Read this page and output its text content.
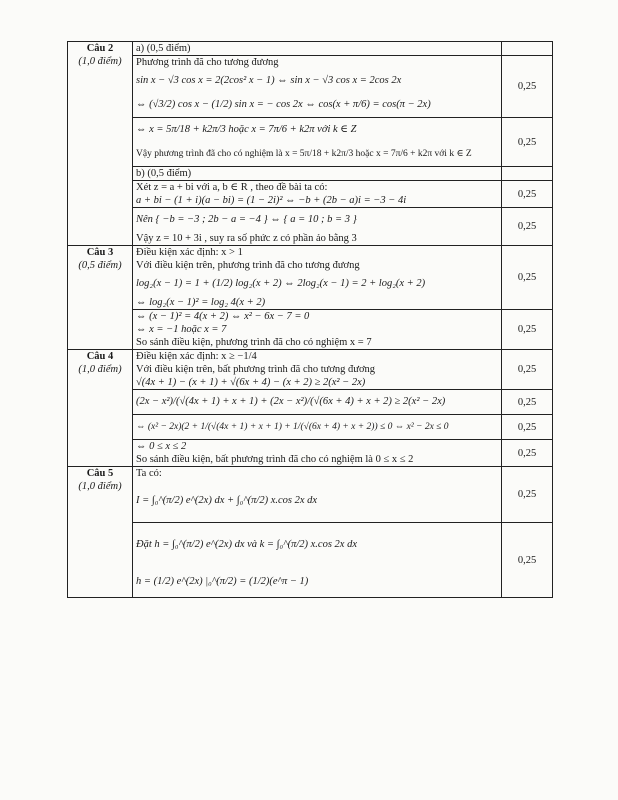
Câu 2
(1,0 điểm)	a) (0,5 điểm)	

	Phương trình đã cho tương đương
sin x − √3 cos x = 2(2cos² x − 1) ⇔ sin x − √3 cos x = 2cos 2x
⇔ (√3/2) cos x − (1/2) sin x = − cos 2x ⇔ cos(x + π/6) = cos(π − 2x)	0,25

	⇔ x = 5π/18 + k2π/3 hoặc x = 7π/6 + k2π với k ∈ Z
Vậy phương trình đã cho có nghiệm là x = 5π/18 + k2π/3 hoặc x = 7π/6 + k2π với k ∈ Z	0,25

	b) (0,5 điểm)	

	Xét z = a + bi với a, b ∈ R , theo đề bài ta có:
a + bi − (1 + i)(a − bi) = (1 − 2i)² ⇔ −b + (2b − a)i = −3 − 4i	0,25

	Nên { −b = −3 ; 2b − a = −4 } ⇔ { a = 10 ; b = 3 }
Vậy z = 10 + 3i , suy ra số phức z có phần ảo bằng 3	0,25

Câu 3
(0,5 điểm)	Điều kiện xác định: x > 1
Với điều kiện trên, phương trình đã cho tương đương
log₂(x − 1) = 1 + (1/2) log₂(x + 2) ⇔ 2log₂(x − 1) = 2 + log₂(x + 2)
⇔ log₂(x − 1)² = log₂ 4(x + 2)	0,25

	⇔ (x − 1)² = 4(x + 2) ⇔ x² − 6x − 7 = 0
⇔ x = −1 hoặc x = 7
So sánh điều kiện, phương trình đã cho có nghiệm x = 7	0,25

Câu 4
(1,0 điểm)	Điều kiện xác định: x ≥ −1/4
Với điều kiện trên, bất phương trình đã cho tương đương
√(4x + 1) − (x + 1) + √(6x + 4) − (x + 2) ≥ 2(x² − 2x)	0,25

	(2x − x²)/(√(4x + 1) + x + 1) + (2x − x²)/(√(6x + 4) + x + 2) ≥ 2(x² − 2x)	0,25

	⇔ (x² − 2x)(2 + 1/(√(4x + 1) + x + 1) + 1/(√(6x + 4) + x + 2)) ≤ 0 ⇔ x² − 2x ≤ 0	0,25

	⇔ 0 ≤ x ≤ 2
So sánh điều kiện, bất phương trình đã cho có nghiệm là 0 ≤ x ≤ 2	0,25

Câu 5
(1,0 điểm)	Ta có:
I = ∫₀^(π/2) e^(2x) dx + ∫₀^(π/2) x.cos 2x dx	0,25

	Đặt h = ∫₀^(π/2) e^(2x) dx và k = ∫₀^(π/2) x.cos 2x dx
h = (1/2) e^(2x) |₀^(π/2) = (1/2)(e^π − 1)	0,25
